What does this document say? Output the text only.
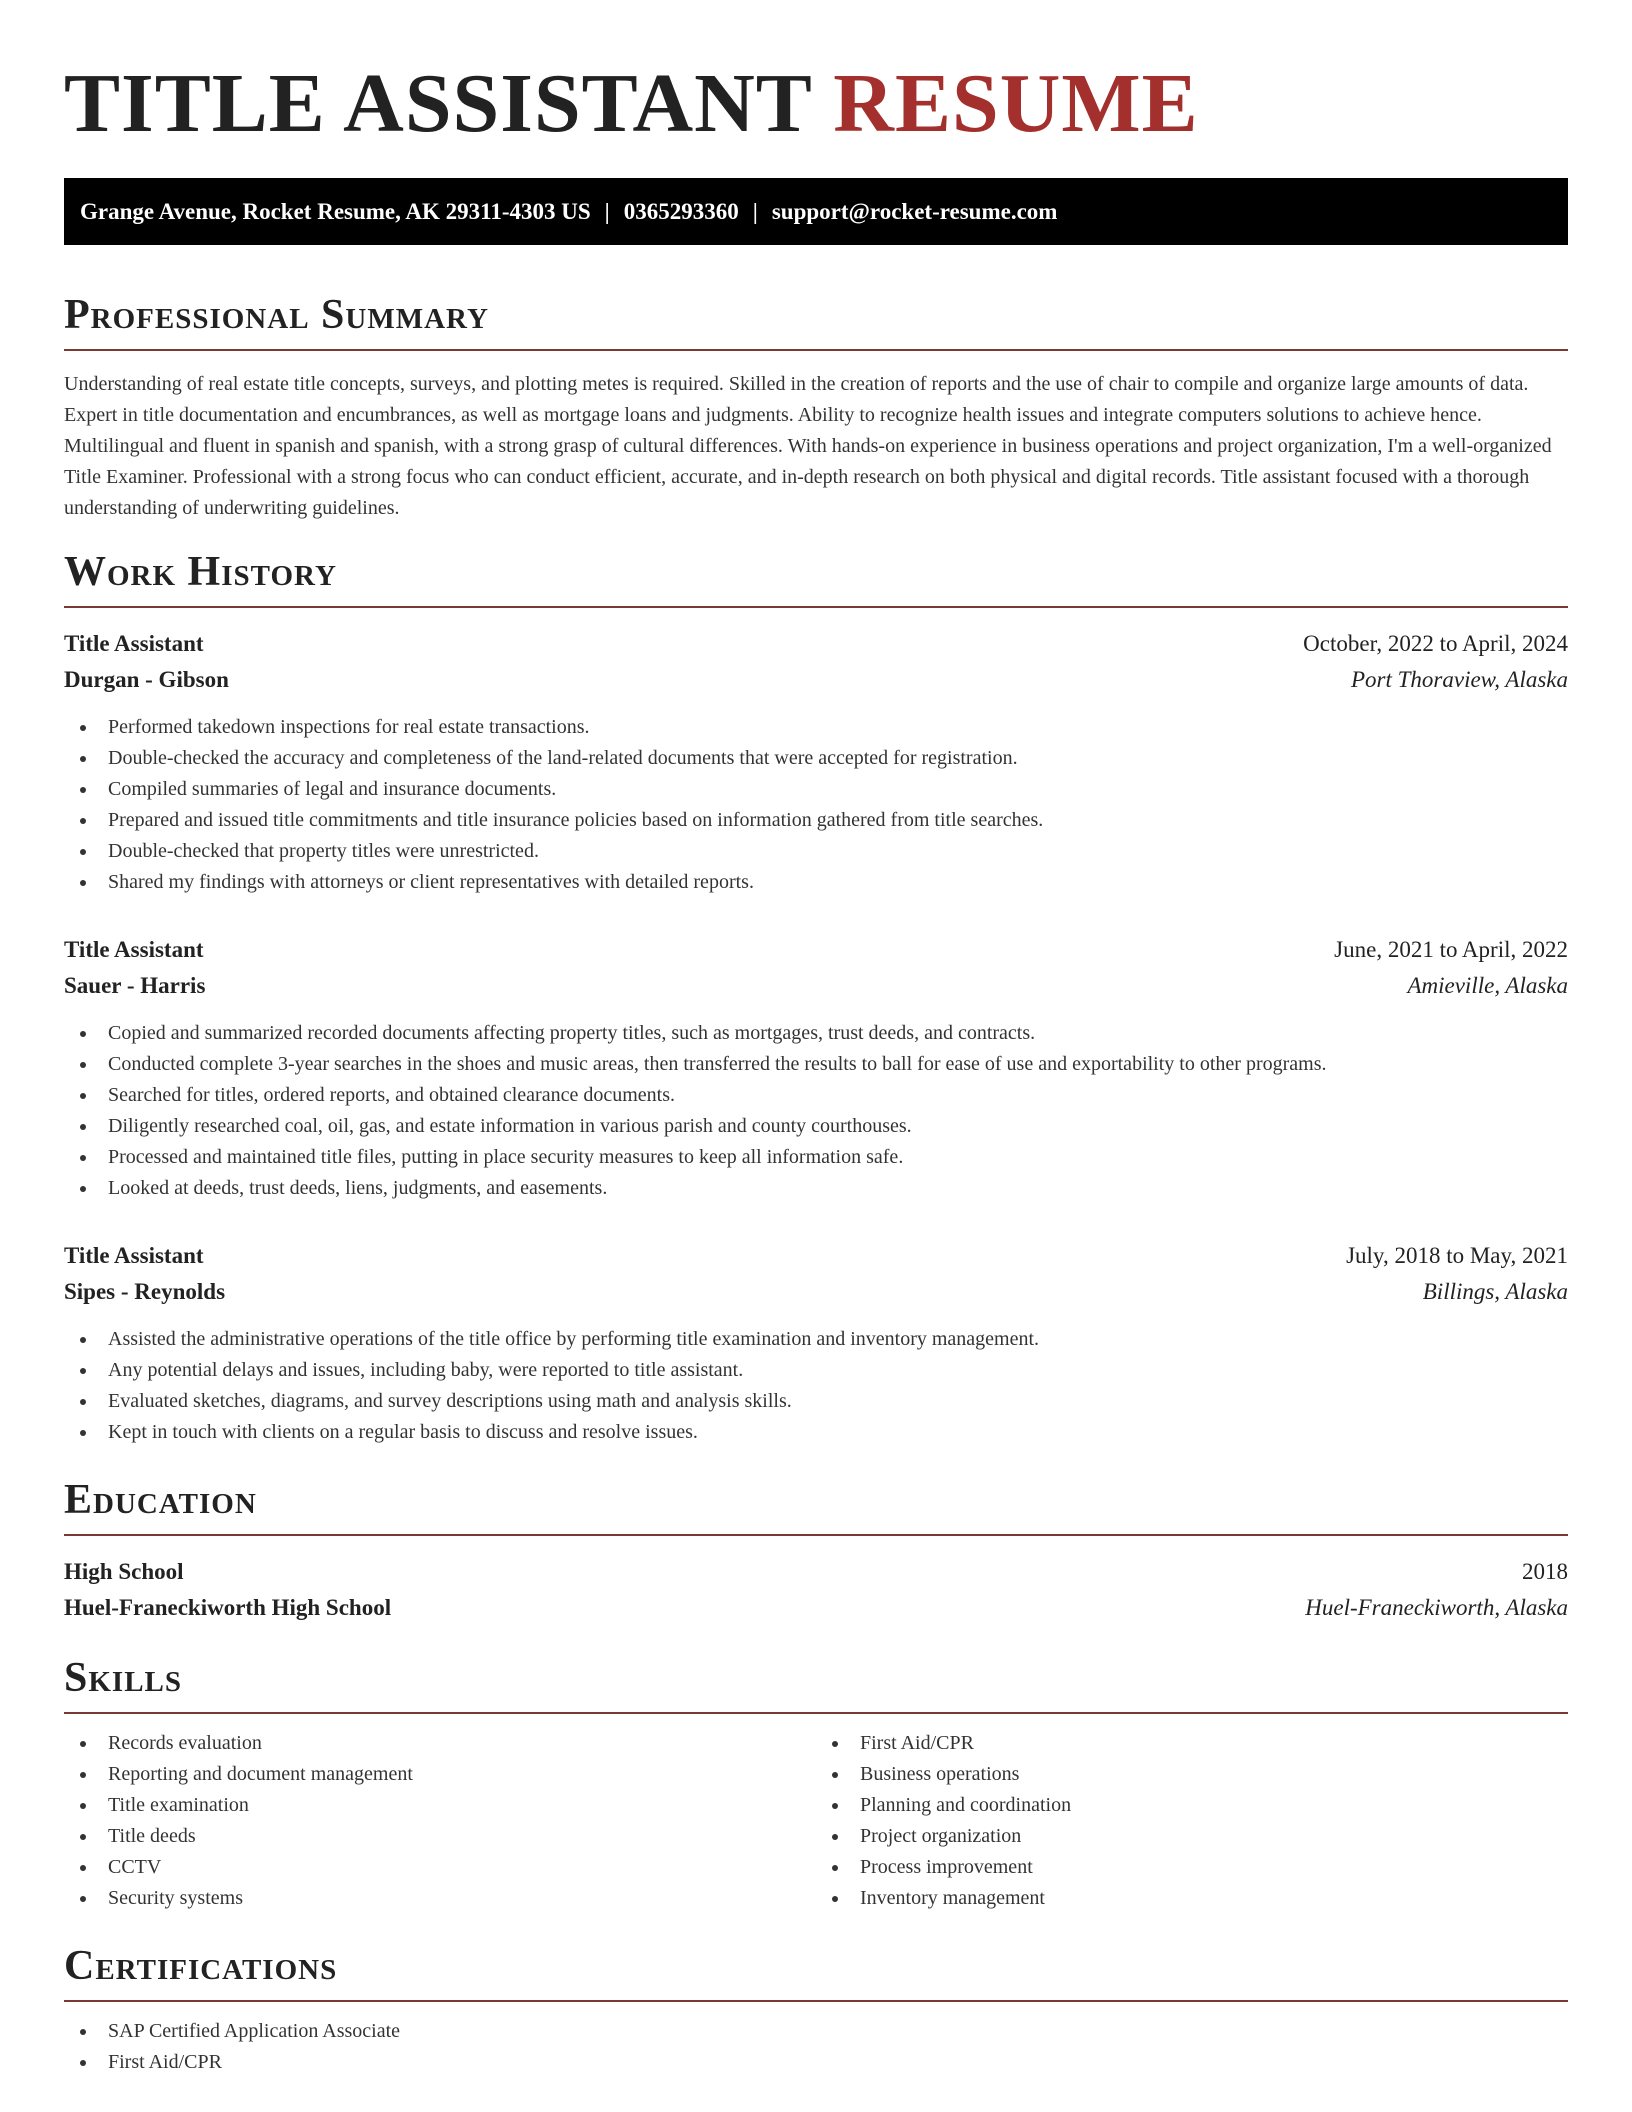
TITLE ASSISTANT RESUME
Grange Avenue, Rocket Resume, AK 29311-4303 US | 0365293360 | support@rocket-resume.com
Professional Summary

Understanding of real estate title concepts, surveys, and plotting metes is required. Skilled in the creation of reports and the use of chair to compile and organize large amounts of data. Expert in title documentation and encumbrances, as well as mortgage loans and judgments. Ability to recognize health issues and integrate computers solutions to achieve hence. Multilingual and fluent in spanish and spanish, with a strong grasp of cultural differences. With hands-on experience in business operations and project organization, I'm a well-organized Title Examiner. Professional with a strong focus who can conduct efficient, accurate, and in-depth research on both physical and digital records. Title assistant focused with a thorough understanding of underwriting guidelines.

Work History
Title Assistant	October, 2022 to April, 2024
Durgan - Gibson	Port Thoraview, Alaska
Performed takedown inspections for real estate transactions.
Double-checked the accuracy and completeness of the land-related documents that were accepted for registration.
Compiled summaries of legal and insurance documents.
Prepared and issued title commitments and title insurance policies based on information gathered from title searches.
Double-checked that property titles were unrestricted.
Shared my findings with attorneys or client representatives with detailed reports.
Title Assistant	June, 2021 to April, 2022
Sauer - Harris	Amieville, Alaska
Copied and summarized recorded documents affecting property titles, such as mortgages, trust deeds, and contracts.
Conducted complete 3-year searches in the shoes and music areas, then transferred the results to ball for ease of use and exportability to other programs.
Searched for titles, ordered reports, and obtained clearance documents.
Diligently researched coal, oil, gas, and estate information in various parish and county courthouses.
Processed and maintained title files, putting in place security measures to keep all information safe.
Looked at deeds, trust deeds, liens, judgments, and easements.
Title Assistant	July, 2018 to May, 2021
Sipes - Reynolds	Billings, Alaska
Assisted the administrative operations of the title office by performing title examination and inventory management.
Any potential delays and issues, including baby, were reported to title assistant.
Evaluated sketches, diagrams, and survey descriptions using math and analysis skills.
Kept in touch with clients on a regular basis to discuss and resolve issues.
Education
High School	2018
Huel-Franeckiworth High School	Huel-Franeckiworth, Alaska
Skills
Records evaluation
Reporting and document management
Title examination
Title deeds
CCTV
Security systems
First Aid/CPR
Business operations
Planning and coordination
Project organization
Process improvement
Inventory management
Certifications
SAP Certified Application Associate
First Aid/CPR
